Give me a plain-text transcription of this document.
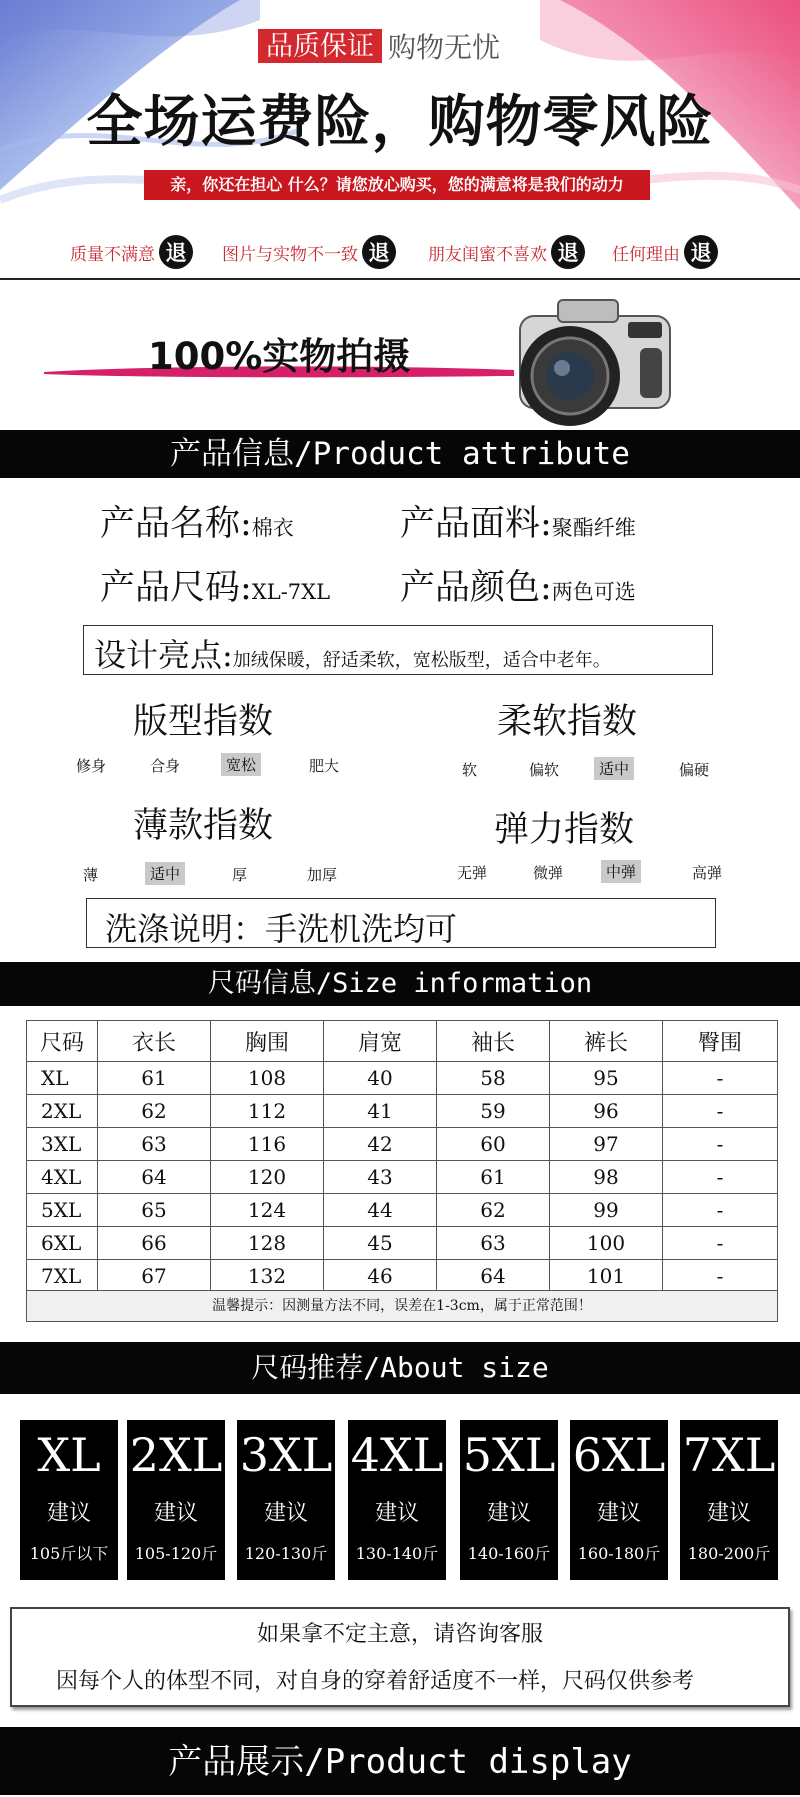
品质保证 购物无忧
全场运费险，购物零风险
亲，你还在担心 什么？请您放心购买，您的满意将是我们的动力
质量不满意 退	图片与实物不一致 退	朋友闺蜜不喜欢 退	任何理由 退
100%实物拍摄
产品信息/Product attribute
产品名称:棉衣	产品面料:聚酯纤维
产品尺码:XL-7XL 产品颜色:两色可选
设计亮点:加绒保暖，舒适柔软，宽松版型，适合中老年。
版型指数
修身	合身	宽松	肥大
柔软指数
软	偏软	适中	偏硬
薄款指数
薄	适中	厚	加厚
弹力指数
无弹	微弹	中弹	高弹
洗涤说明：手洗机洗均可
尺码信息/Size information
尺码	衣长	胸围	肩宽	袖长	裤长	臀围
XL	61	108	40	58	95	-
2XL	62	112	41	59	96	-
3XL	63	116	42	60	97	-
4XL	64	120	43	61	98	-
5XL	65	124	44	62	99	-
6XL	66	128	45	63	100	-
7XL	67	132	46	64	101	-
温馨提示：因测量方法不同，误差在1-3cm，属于正常范围！
尺码推荐/About size
XL
建议
105斤以下
2XL
建议
105-120斤
3XL
建议
120-130斤
4XL
建议
130-140斤
5XL
建议
140-160斤
6XL
建议
160-180斤
7XL
建议
180-200斤
如果拿不定主意，请咨询客服
因每个人的体型不同，对自身的穿着舒适度不一样，尺码仅供参考
产品展示/Product display
